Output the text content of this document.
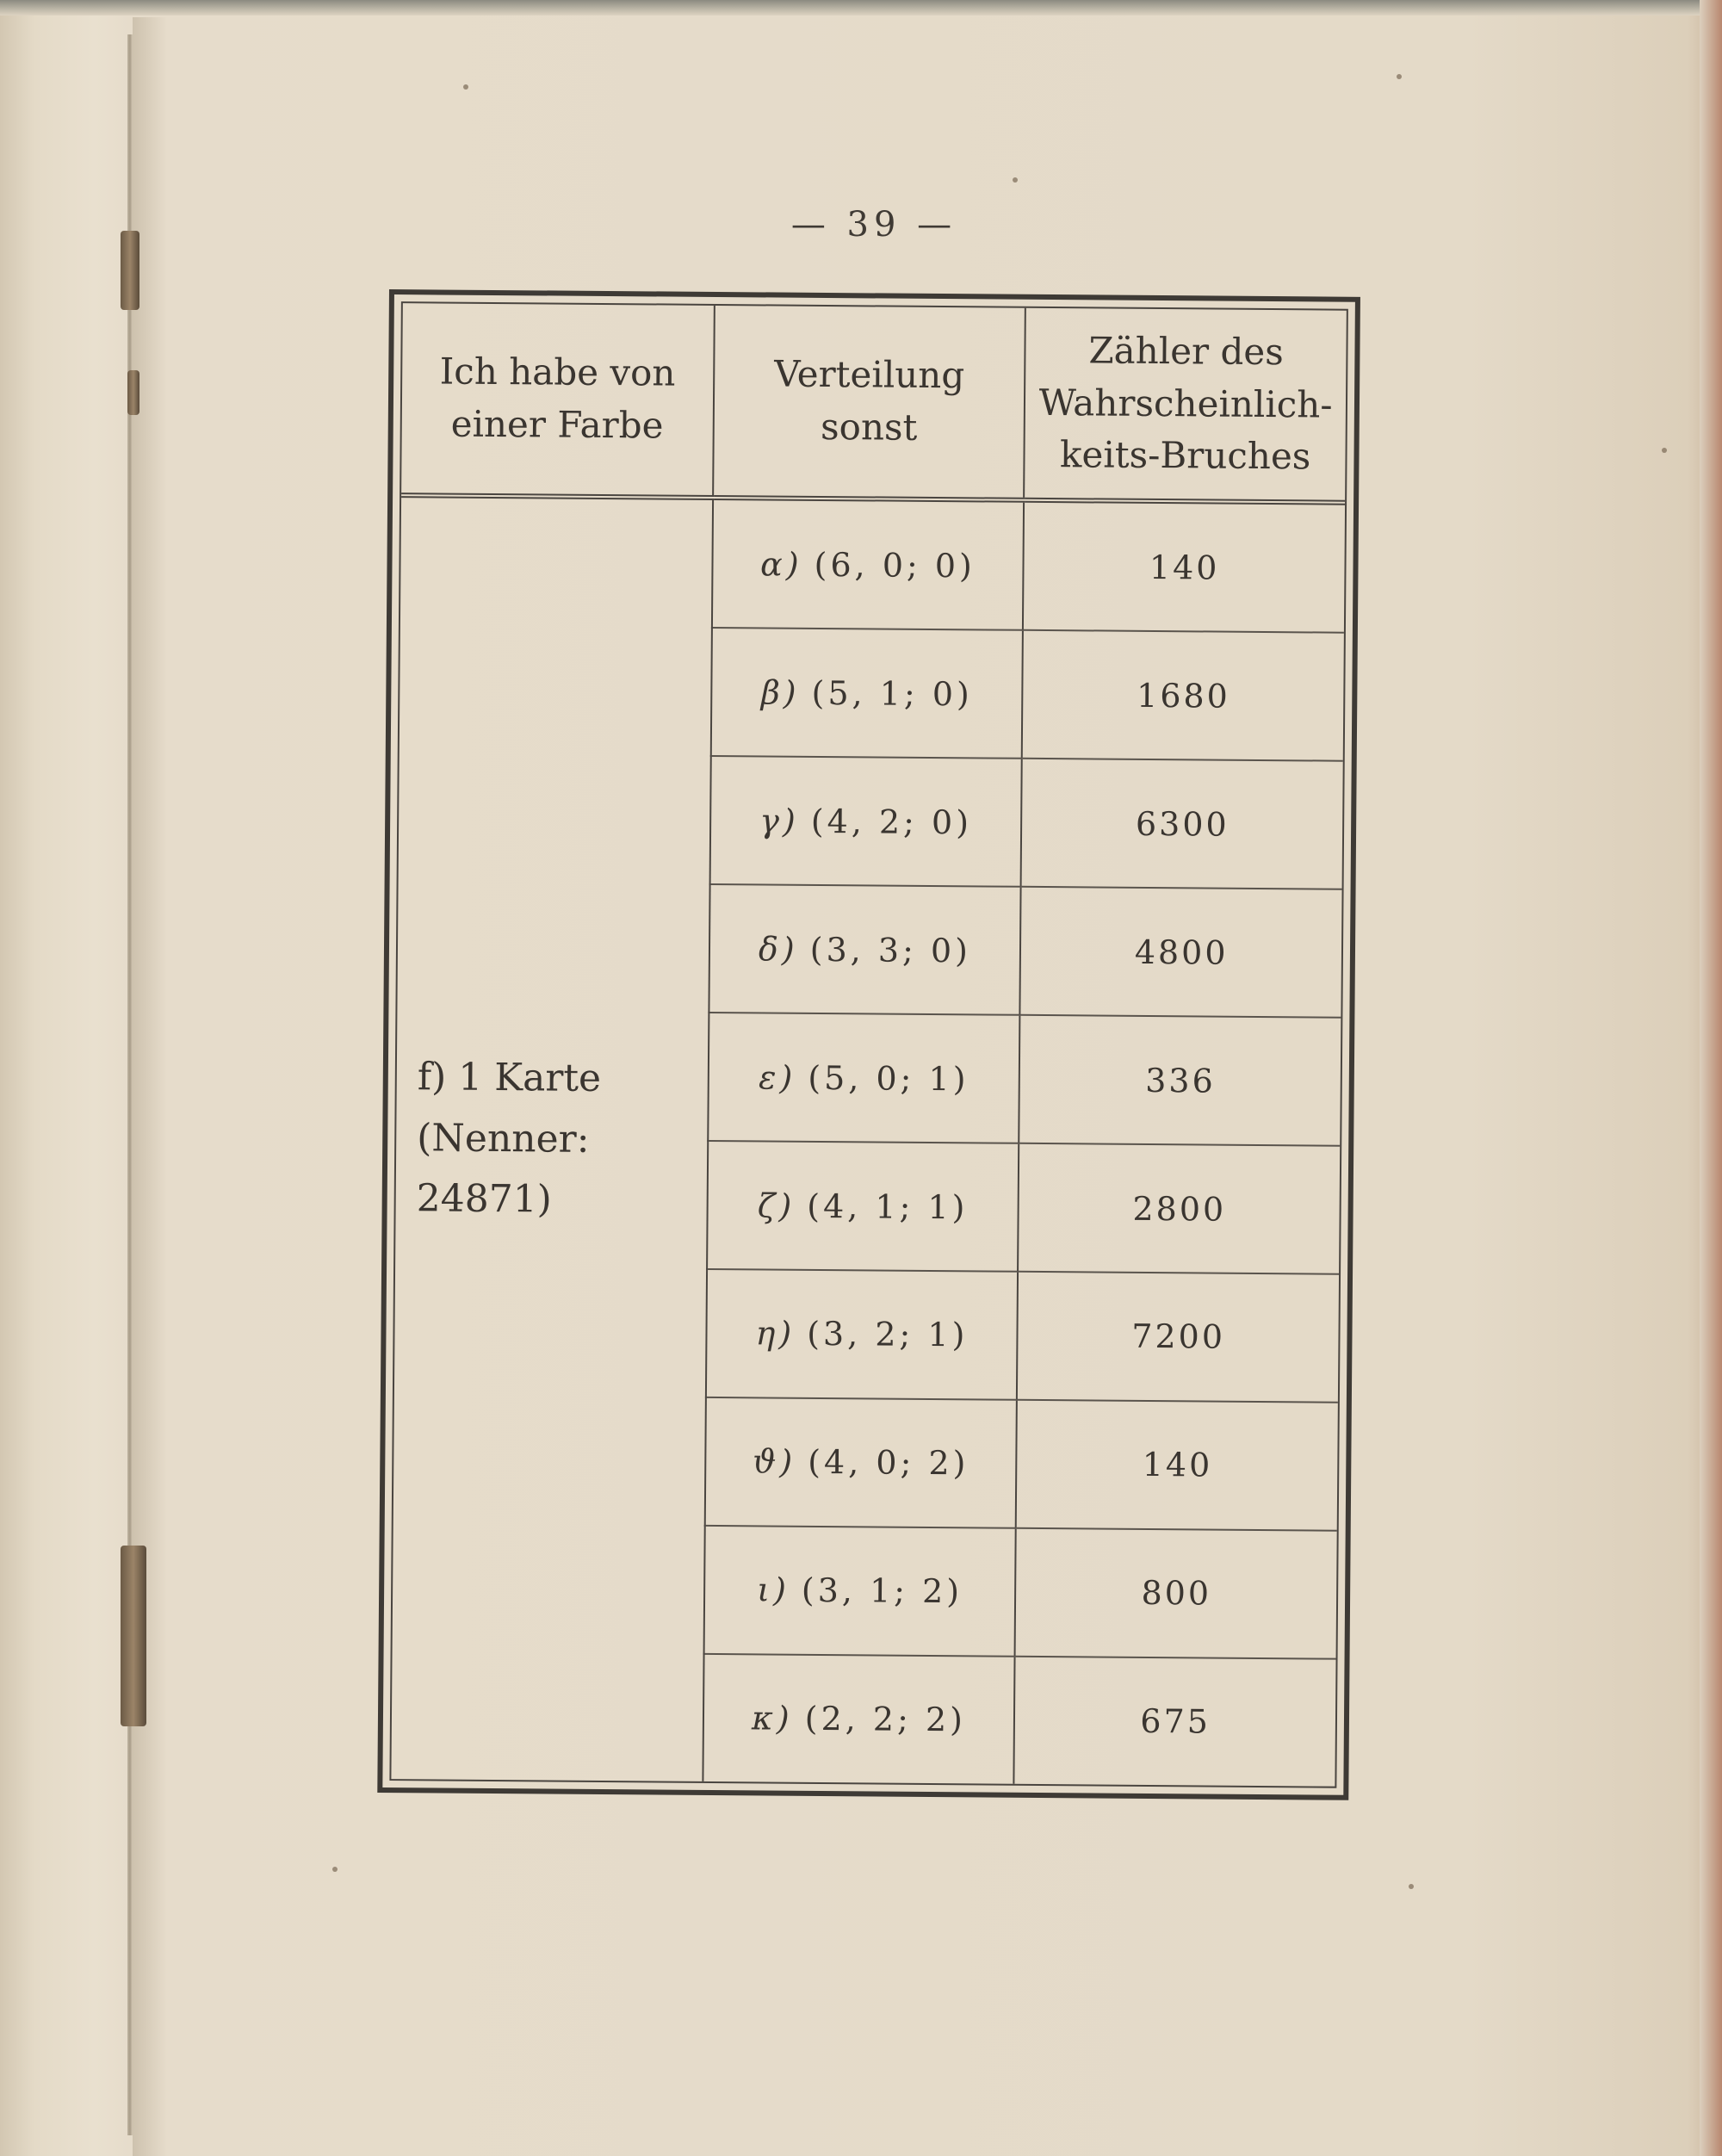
— 39 —
Ich habe von einer Farbe	Verteilung sonst	Zähler des Wahrscheinlich-keits-Bruches

f) 1 Karte
(Nenner: 24871)	α) (6, 0; 0)	140
	β) (5, 1; 0)	1680
	γ) (4, 2; 0)	6300
	δ) (3, 3; 0)	4800
	ε) (5, 0; 1)	336
	ζ) (4, 1; 1)	2800
	η) (3, 2; 1)	7200
	ϑ) (4, 0; 2)	140
	ι) (3, 1; 2)	800
	κ) (2, 2; 2)	675
